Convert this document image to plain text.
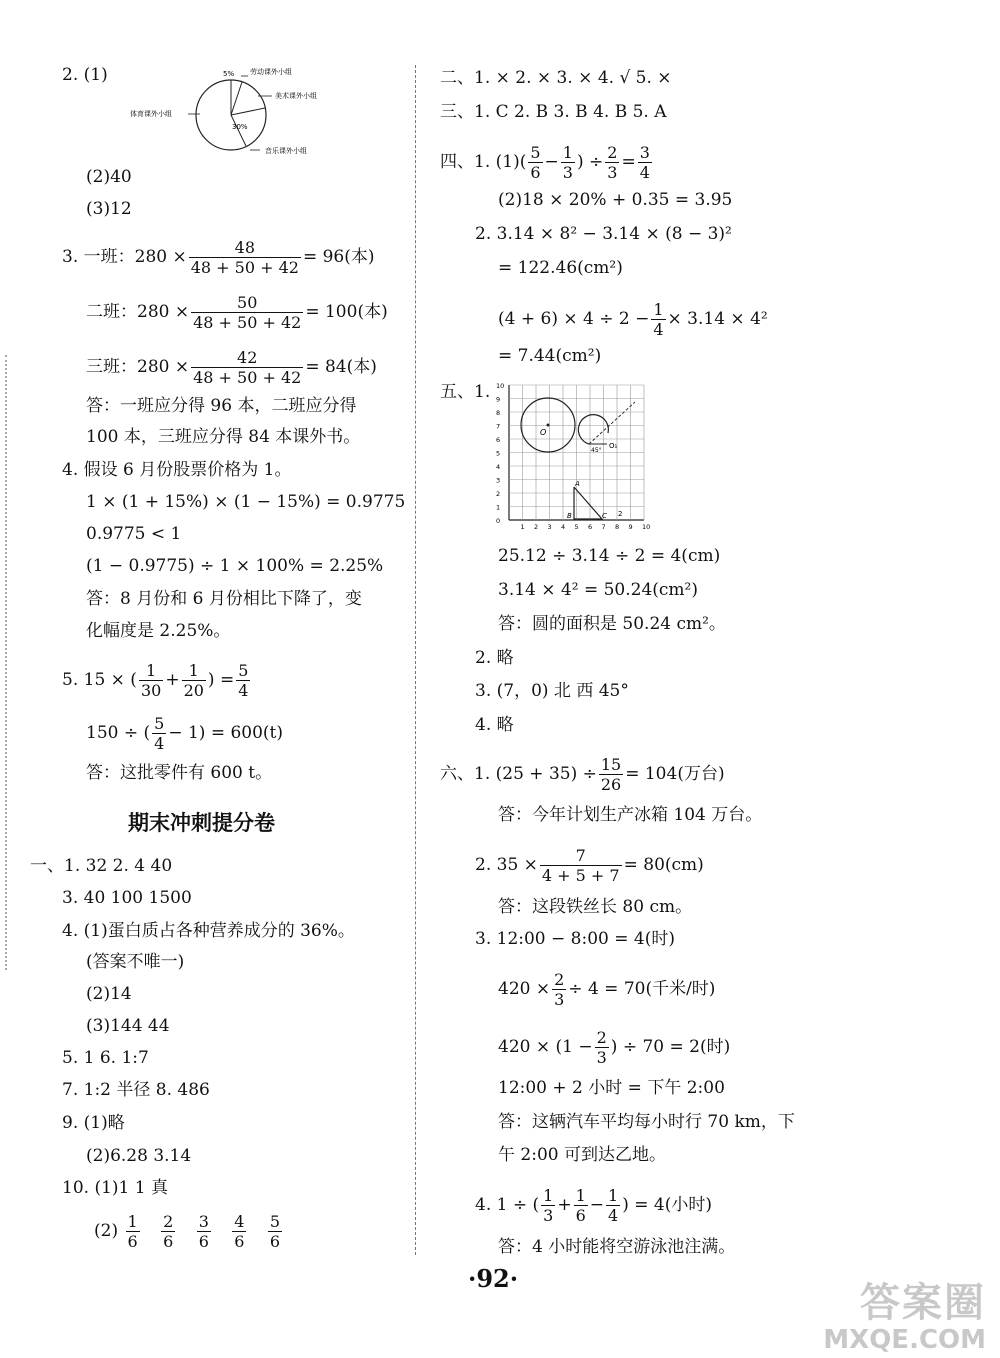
2. (1)	5%
30%
劳动课外小组
美术课外小组
音乐课外小组
体育课外小组
(2)40
(3)12
3. 一班：$280 \times \frac{48}{48 + 50 + 42} = 96$(本)
二班：$280 \times \frac{50}{48 + 50 + 42} = 100$(本)
三班：$280 \times \frac{42}{48 + 50 + 42} = 84$(本)
答：一班应分得 96 本，二班应分得
100 本，三班应分得 84 本课外书。
4. 假设 6 月份股票价格为 1。
1 × (1 + 15%) × (1 − 15%) = 0.9775
0.9775 < 1
(1 − 0.9775) ÷ 1 × 100% = 2.25%
答：8 月份和 6 月份相比下降了，变
化幅度是 2.25%。
5. 15 × ( $\frac{1}{30} + \frac{1}{20}$ ) = $\frac{5}{4}$
150 ÷ ( $\frac{5}{4} - 1) = 600(t)$
答：这批零件有 600 t。
期末冲刺提分卷
一、1. 32 2. 4 40
3. 40 100 1500
4. (1)蛋白质占各种营养成分的 36%。
(答案不唯一)
(2)14
(3)144 44
5. 1 6. 1:7
7. 1:2 半径 8. 486
9. (1)略
(2)6.28 3.14
10. (1)1 1 真
$(2) \frac{1}{6}$
$\frac{2}{6}$
$\frac{3}{6}$
$\frac{4}{6}$
$\frac{5}{6}$
二、1. × 2. × 3. × 4. √ 5. ×
三、1. C 2. B 3. B 4. B 5. A
四、1. $(1)( \frac{5}{6} - \frac{1}{3}$ ) ÷ $\frac{2}{3} = \frac{3}{4}$
(2)18 × 20% + 0.35 = 3.95
2. 3.14 × 8² − 3.14 × (8 − 3)²
= 122.46(cm²)
$(4 + 6) \times 4 \div 2 - \frac{1}{4} \times 3.14 \times 4^2$
= 7.44(cm²)
五、1. 10
9
8
7
6
5
4
3
2
1
0
1 2 3 4 5 6 7 8 9 10
O
45°
O₁
A
B	C 2
25.12 ÷ 3.14 ÷ 2 = 4(cm)
3.14 × 4² = 50.24(cm²)
答：圆的面积是 50.24 cm²。
2. 略
3. (7，0) 北 西 45°
4. 略
六、1. $(25 + 35) \div \frac{15}{26} = 104$(万台)
答：今年计划生产冰箱 104 万台。
2. $35 \times \frac{7}{4 + 5 + 7} = 80(cm)$
答：这段铁丝长 80 cm。
3. 12:00 − 8:00 = 4(时)
$420 \times \frac{2}{3} \div 4 = 70$(千米/时)
$420 \times (1 - \frac{2}{3}$ ) ÷ 70 = 2(时)
12:00 + 2 小时 = 下午 2:00
答：这辆汽车平均每小时行 70 km，下
午 2:00 可到达乙地。
4. 1 ÷ ( $\frac{1}{3} + \frac{1}{6} - \frac{1}{4}$ ) = 4(小时)
答：4 小时能将空游泳池注满。
·92·
答案圈
MXQE.COM
